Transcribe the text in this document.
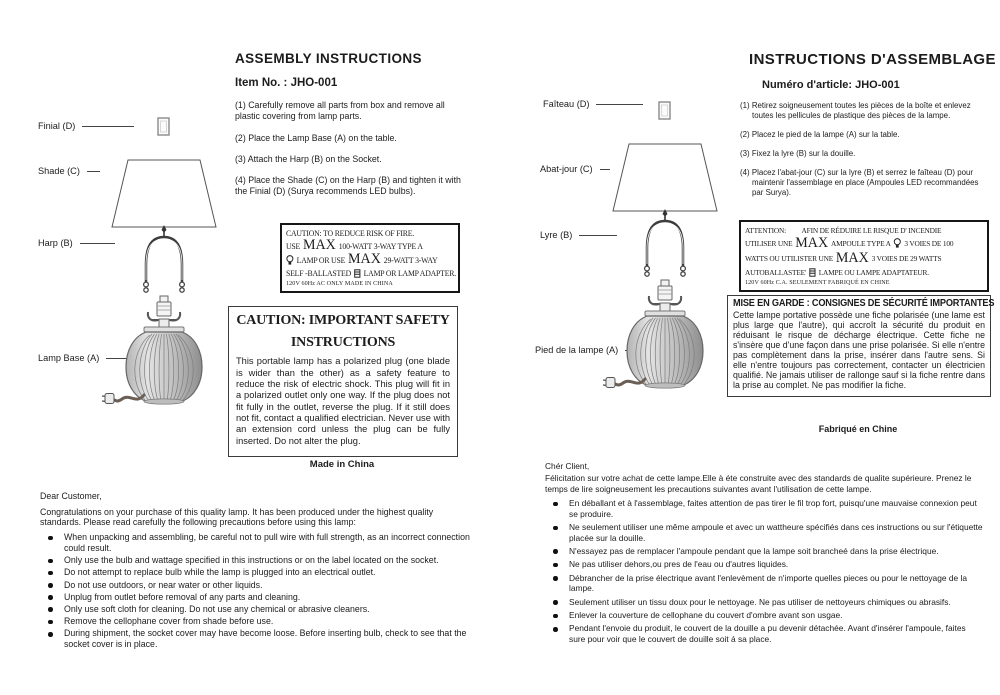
ASSEMBLY INSTRUCTIONS
Item No. : JHO-001
(1) Carefully remove all parts from box and remove all plastic covering from lamp parts.
(2) Place the Lamp Base (A) on the table.
(3) Attach the Harp (B) on the Socket.
(4) Place the Shade (C) on the Harp (B) and tighten it with the Finial (D) (Surya recommends LED bulbs).
CAUTION: TO REDUCE RISK OF FIRE.
USE MAX 100-WATT 3-WAY TYPE A
LAMP OR USE MAX 29-WATT 3-WAY
SELF -BALLASTED LAMP OR LAMP ADAPTER.
120V 60Hz AC ONLY MADE IN CHINA
CAUTION: IMPORTANT SAFETY
INSTRUCTIONS
This portable lamp has a polarized plug (one blade is wider than the other) as a safety feature to reduce the risk of electric shock. This plug will fit in a polarized outlet only one way. If the plug does not fit fully in the outlet, reverse the plug. If it still does not fit, contact a qualified electrician. Never use with an extension cord unless the plug can be fully inserted. Do not alter the plug.
Made in China
Finial (D)
Shade (C)
Harp (B)
Lamp Base (A)
Dear Customer,
Congratulations on your purchase of this quality lamp. It has been produced under the highest quality standards. Please read carefully the following precautions before using this lamp:
When unpacking and assembling, be careful not to pull wire with full strength, as an incorrect connection could result.
Only use the bulb and wattage specified in this instructions or on the label located on the socket.
Do not attempt to replace bulb while the lamp is plugged into an electrical outlet.
Do not use outdoors, or near water or other liquids.
Unplug from outlet before removal of any parts and cleaning.
Only use soft cloth for cleaning. Do not use any chemical or abrasive cleaners.
Remove the cellophane cover from shade before use.
During shipment, the socket cover may have become loose. Before inserting bulb, check to see that the socket cover is in place.
INSTRUCTIONS D'ASSEMBLAGE
Numéro d'article: JHO-001
(1) Retirez soigneusement toutes les pièces de la boîte et enlevez toutes les pellicules de plastique des pièces de la lampe.
(2) Placez le pied de la lampe (A) sur la table.
(3) Fixez la lyre (B) sur la douille.
(4) Placez l'abat-jour (C) sur la lyre (B) et serrez le faîteau (D) pour maintenir l'assemblage en place (Ampoules LED recommandées par Surya).
ATTENTION: AFIN DE RÉDUIRE LE RISQUE D' INCENDIE
UTILISER UNE MAX AMPOULE TYPE A 3 VOIES DE 100
WATTS OU UTILISTER UNE MAX 3 VOIES DE 29 WATTS
AUTOBALLASTEE' LAMPE OU LAMPE ADAPTATEUR.
120V 60Hz C.A. SEULEMENT FABRIQUÉ EN CHINE
MISE EN GARDE : CONSIGNES DE SÉCURITÉ IMPORTANTES
Cette lampe portative possède une fiche polarisée (une lame est plus large que l'autre), qui accroît la sécurité du produit en réduisant le risque de décharge électrique. Cette fiche ne s'insère que d'une façon dans une prise polarisée. Si elle n'entre pas complètement dans la prise, insérer dans l'autre sens. Si elle n'entre toujours pas correctement, contacter un électricien qualifié. Ne jamais utiliser de rallonge sauf si la fiche rentre dans la prise au complet. Ne pas modifier la fiche.
Fabriqué en Chine
Faîteau (D)
Abat-jour (C)
Lyre (B)
Pied de la lampe (A)
Chér Client,
Félicitation sur votre achat de cette lampe.Elle à éte construite avec des standards de qualite supérieure. Prenez le temps de lire soigneusement les precautions suivantes avant l'utilisation de cette lampe.
En déballant et à l'assemblage, faites attention de pas tirer le fil trop fort, puisqu'une mauvaise connexion peut se produire.
Ne seulement utiliser une même ampoule et avec un wattheure spécifiés dans ces instructions ou sur l'étiquette placée sur la douille.
N'essayez pas de remplacer l'ampoule pendant que la lampe soit brancheé dans la prise électrique.
Ne pas utiliser dehors,ou pres de l'eau ou d'autres liquides.
Débrancher de la prise électrique avant l'enlevèment de n'importe quelles pieces ou pour le nettoyage de la lampe.
Seulement utiliser un tissu doux pour le nettoyage. Ne pas utiliser de nettoyeurs chimiques ou abrasifs.
Enlever la couverture de cellophane du couvert d'ombre avant son usgae.
Pendant l'envoie du produit, le couvert de la douille a pu devenir détachée. Avant d'insérer l'ampoule, faites sure pour voir que le couvert de douille soit á sa place.
